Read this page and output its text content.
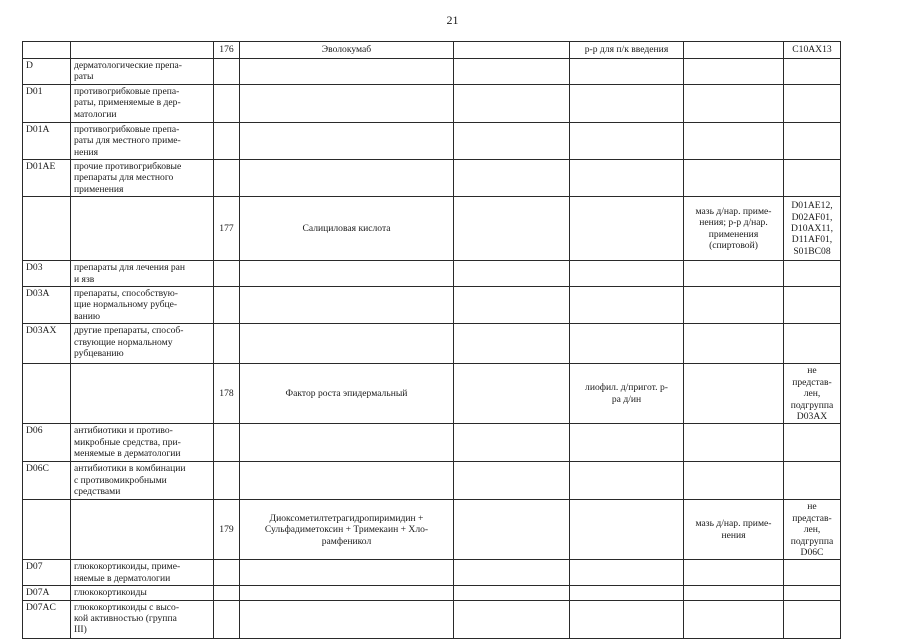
21
		176	Эволокумаб		р-р для п/к введения		C10AX13
D	дерматологические препа-
раты						
D01	противогрибковые препа-
раты, применяемые в дер-
матологии						
D01A	противогрибковые препа-
раты для местного приме-
нения						
D01AE	прочие противогрибковые
препараты для местного
применения						
		177	Салициловая кислота			мазь д/нар. приме-
нения; р-р д/нар.
применения
(спиртовой)	D01AE12,
D02AF01,
D10AX11,
D11AF01,
S01BC08
D03	препараты для лечения ран
и язв						
D03A	препараты, способствую-
щие нормальному рубце-
ванию						
D03AX	другие препараты, способ-
ствующие нормальному
рубцеванию						
		178	Фактор роста эпидермальный		лиофил. д/пригот. р-
ра д/ин		не представ-
лен, подгруппа
D03AX
D06	антибиотики и противо-
микробные средства, при-
меняемые в дерматологии						
D06C	антибиотики в комбинации
с противомикробными
средствами						
		179	Диоксометилтетрагидропиримидин +
Сульфадиметоксин + Тримекаин + Хло-
рамфеникол			мазь д/нар. приме-
нения	не представ-
лен, подгруппа
D06C
D07	глюкокортикоиды, приме-
няемые в дерматологии						
D07A	глюкокортикоиды						
D07AC	глюкокортикоиды с высо-
кой активностью (группа
III)						
